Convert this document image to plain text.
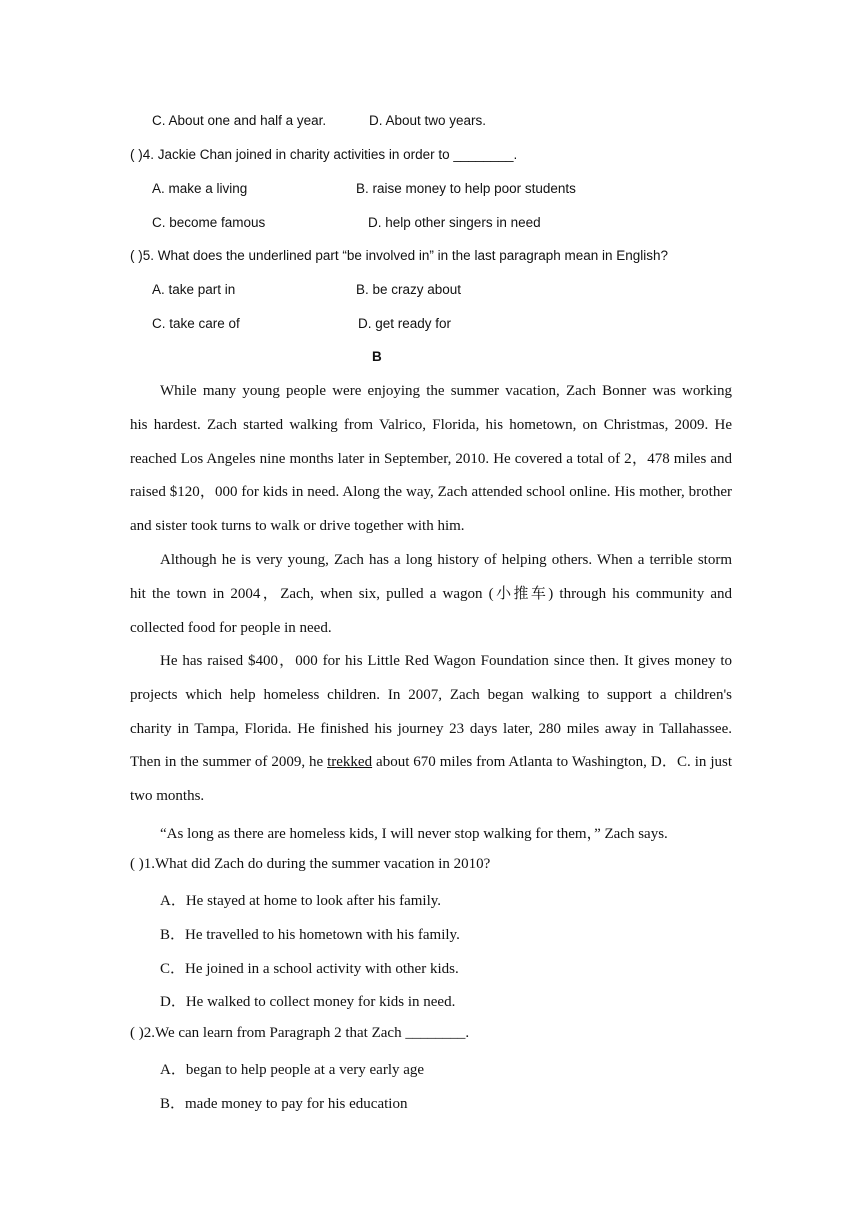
C. About one and half a year.	D. About two years.
( )4. Jackie Chan joined in charity activities in order to ________.
A. make a living	B. raise money to help poor students
C. become famous	D. help other singers in need
( )5. What does the underlined part “be involved in” in the last paragraph mean in English?
A. take part in	B. be crazy about
C. take care of	D. get ready for
B
While many young people were enjoying the summer vacation, Zach Bonner was working
his hardest. Zach started walking from Valrico, Florida, his hometown, on Christmas, 2009. He
reached Los Angeles nine months later in September, 2010. He covered a total of 2，478 miles and
raised $120，000 for kids in need. Along the way, Zach attended school online. His mother, brother
and sister took turns to walk or drive together with him.
Although he is very young, Zach has a long history of helping others. When a terrible storm
hit the town in 2004，Zach, when six, pulled a wagon (小推车) through his community and
collected food for people in need.
He has raised $400，000 for his Little Red Wagon Foundation since then. It gives money to
projects which help homeless children. In 2007, Zach began walking to support a children's
charity in Tampa, Florida. He finished his journey 23 days later, 280 miles away in Tallahassee.
Then in the summer of 2009, he trekked about 670 miles from Atlanta to Washington, D．C. in just
two months.
“As long as there are homeless kids, I will never stop walking for them，” Zach says.
( )1.What did Zach do during the summer vacation in 2010?
A．He stayed at home to look after his family.
B．He travelled to his hometown with his family.
C．He joined in a school activity with other kids.
D．He walked to collect money for kids in need.
( )2.We can learn from Paragraph 2 that Zach ________.
A．began to help people at a very early age
B．made money to pay for his education
